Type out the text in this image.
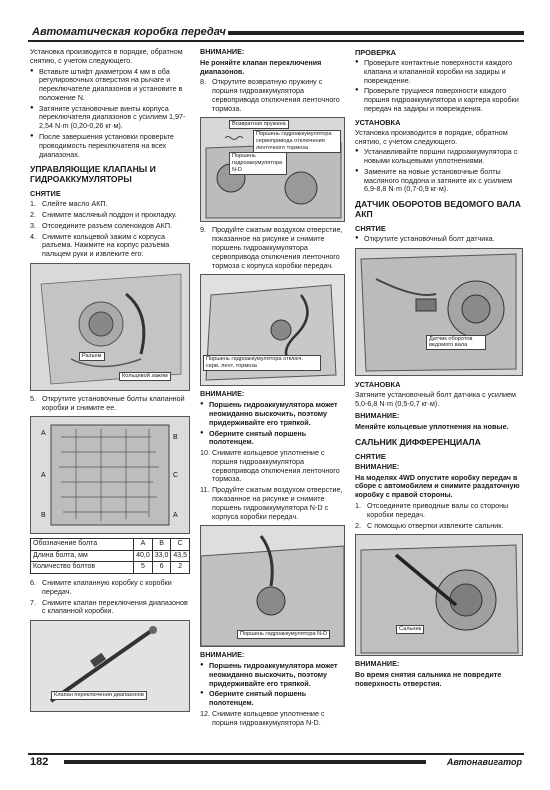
Автоматическая коробка передач

Установка производится в порядке, обратном снятию, с учетом следующего.

● Вставьте штифт диаметром 4 мм в оба регулировочных отверстия на рычаге и переключателе диапазонов и установите в положение N.
● Затяните установочные винты корпуса переключателя диапазонов с усилием 1,97-2,54 N·m (0,20-0,26 кг·м).
● После завершения установки проверьте проводимость переключателя на всех диапазонах.
УПРАВЛЯЮЩИЕ КЛАПАНЫ И ГИДРОАККУМУЛЯТОРЫ
СНЯТИЕ
1. Слейте масло АКП.
2. Снимите масляный поддон и прокладку.
3. Отсоедините разъем соленоидов АКП.
4. Снимите кольцевой зажим с корпуса разъема. Нажмите на корпус разъема пальцем руки и извлеките его.
Разъем
Кольцевой зажим
5. Открутите установочные болты клапанной коробки и снимите ее.
A
B
C
A
B	A
Обозначение болта	A	B	C
Длина болта, мм	40,0	33,0	43,5
Количество болтов	5	6	2
6. Снимите клапанную коробку с коробки передач.
7. Снимите клапан переключения диапазонов с клапанной коробки.
Клапан переключения диапазонов

ВНИМАНИЕ:

Не роняйте клапан переключения диапазонов.

8. Открутите возвратную пружину с поршня гидроаккумулятора сервопривода отключения ленточного тормоза.
Возвратная пружина
Поршень гидроаккумулятора сервопривода отключения ленточного тормоза
Поршень гидроаккумулятора N-D
9. Продуйте сжатым воздухом отверстие, показанное на рисунке и снимите поршень гидроаккумулятора сервопривода отключения ленточного тормоза с корпуса коробки передач.
Поршень гидроаккумулятора отключ. серв. лент. тормоза

ВНИМАНИЕ:

● Поршень гидроаккумулятора может неожиданно выскочить, поэтому придерживайте его тряпкой.
● Оберните снятый поршень полотенцем.
10. Снимите кольцевое уплотнение с поршня гидроаккумулятора сервопривода отключения ленточного тормоза.
11. Продуйте сжатым воздухом отверстие, показанное на рисунке и снимите поршень гидроаккумулятора N-D с корпуса коробки передач.
Поршень гидроаккумулятора N-D

ВНИМАНИЕ:

● Поршень гидроаккумулятора может неожиданно выскочить, поэтому придерживайте его тряпкой.
● Оберните снятый поршень полотенцем.
12. Снимите кольцевое уплотнение с поршня гидроаккумулятора N-D.
ПРОВЕРКА
● Проверьте контактные поверхности каждого клапана и клапанной коробки на задиры и повреждение.
● Проверьте трущиеся поверхности каждого поршня гидроаккумулятора и картера коробки передач на задиры и повреждения.
УСТАНОВКА

Установка производится в порядке, обратном снятию, с учетом следующего.

● Устанавливайте поршни гидроаккумулятора с новыми кольцевыми уплотнениями.
● Замените на новые установочные болты масляного поддона и затяните их с усилием 6,9-8,8 N·m (0,7-0,9 кг·м).
ДАТЧИК ОБОРОТОВ ВЕДОМОГО ВАЛА АКП
СНЯТИЕ
● Открутите установочный болт датчика.
Датчик оборотов ведомого вала
УСТАНОВКА

Затяните установочный болт датчика с усилием 5,0-6,8 N·m (0,5-0,7 кг·м).

ВНИМАНИЕ:

Меняйте кольцевые уплотнения на новые.

САЛЬНИК ДИФФЕРЕНЦИАЛА
СНЯТИЕ

ВНИМАНИЕ:

На моделях 4WD опустите коробку передач в сборе с автомобилем и снимите раздаточную коробку с правой стороны.

1. Отсоедините приводные валы со стороны коробки передач.
2. С помощью отвертки извлеките сальник.
Сальник

ВНИМАНИЕ:

Во время снятия сальника не повредите поверхность отверстия.

182	Автонавигатор
